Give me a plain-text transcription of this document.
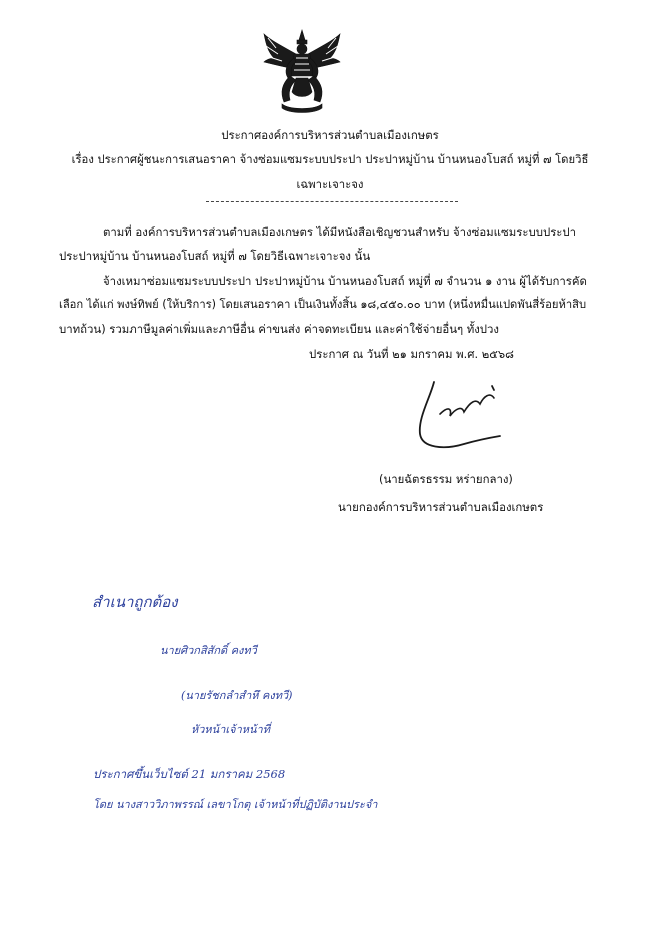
ประกาศองค์การบริหารส่วนตำบลเมืองเกษตร
เรื่อง ประกาศผู้ชนะการเสนอราคา จ้างซ่อมแซมระบบประปา ประปาหมู่บ้าน บ้านหนองโบสถ์ หมู่ที่ ๗ โดยวิธี
เฉพาะเจาะจง
ตามที่ องค์การบริหารส่วนตำบลเมืองเกษตร ได้มีหนังสือเชิญชวนสำหรับ จ้างซ่อมแซมระบบประปา
ประปาหมู่บ้าน บ้านหนองโบสถ์ หมู่ที่ ๗ โดยวิธีเฉพาะเจาะจง นั้น
จ้างเหมาซ่อมแซมระบบประปา ประปาหมู่บ้าน บ้านหนองโบสถ์ หมู่ที่ ๗ จำนวน ๑ งาน ผู้ได้รับการคัด
เลือก ได้แก่ พงษ์ทิพย์ (ให้บริการ) โดยเสนอราคา เป็นเงินทั้งสิ้น ๑๘,๔๕๐.๐๐ บาท (หนึ่งหมื่นแปดพันสี่ร้อยห้าสิบ
บาทถ้วน) รวมภาษีมูลค่าเพิ่มและภาษีอื่น ค่าขนส่ง ค่าจดทะเบียน และค่าใช้จ่ายอื่นๆ ทั้งปวง
ประกาศ ณ วันที่ ๒๑ มกราคม พ.ศ. ๒๕๖๘
(นายฉัตรธรรม หร่ายกลาง)
นายกองค์การบริหารส่วนตำบลเมืองเกษตร
สำเนาถูกต้อง
นายศิวกสิสักดิ์ คงทวี
(นายรัชกลำสำหึ คงทวี)
หัวหน้าเจ้าหน้าที่
ประกาศขึ้นเว็บไซต์ 21 มกราคม 2568
โดย นางสาววิภาพรรณ์ เลขาโกตุ เจ้าหน้าที่ปฏิบัติงานประจำ
